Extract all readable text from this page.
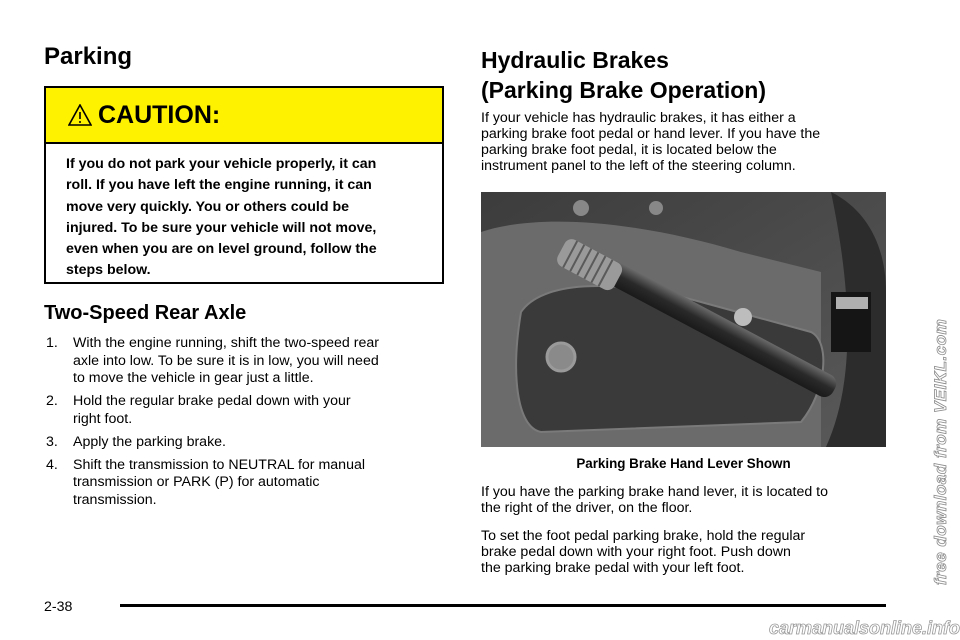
Parking
CAUTION:

If you do not park your vehicle properly, it can
roll. If you have left the engine running, it can
move very quickly. You or others could be
injured. To be sure your vehicle will not move,
even when you are on level ground, follow the
steps below.

Two-Speed Rear Axle
1. With the engine running, shift the two-speed rear
axle into low. To be sure it is in low, you will need
to move the vehicle in gear just a little.
2. Hold the regular brake pedal down with your
right foot.
3. Apply the parking brake.
4. Shift the transmission to NEUTRAL for manual
transmission or PARK (P) for automatic
transmission.
Hydraulic Brakes
(Parking Brake Operation)

If your vehicle has hydraulic brakes, it has either a
parking brake foot pedal or hand lever. If you have the
parking brake foot pedal, it is located below the
instrument panel to the left of the steering column.

Parking Brake Hand Lever Shown

If you have the parking brake hand lever, it is located to
the right of the driver, on the floor.

To set the foot pedal parking brake, hold the regular
brake pedal down with your right foot. Push down
the parking brake pedal with your left foot.

2-38
free download from VEIKL.com
carmanualsonline.info
